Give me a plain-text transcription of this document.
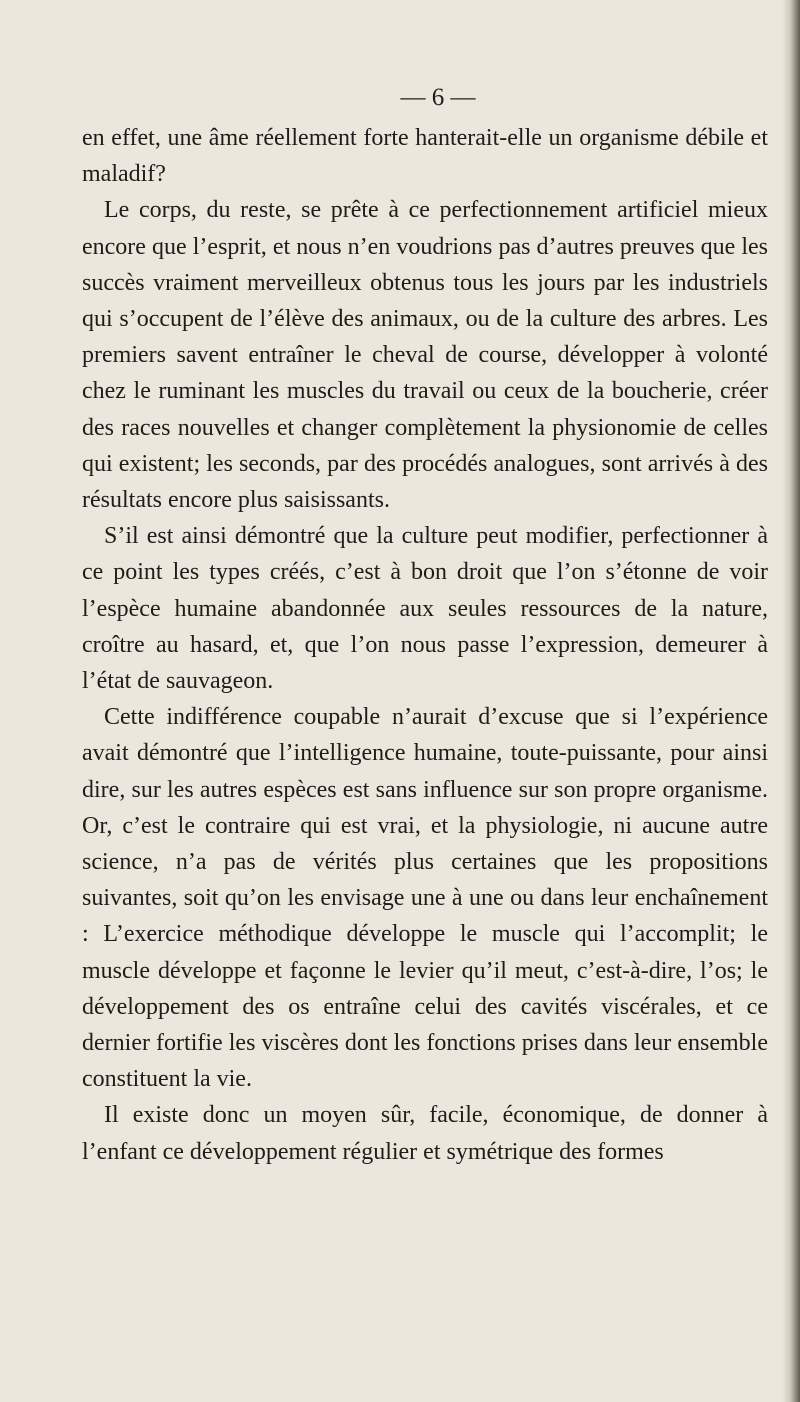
— 6 —

en effet, une âme réellement forte hanterait-elle un organisme débile et maladif?

Le corps, du reste, se prête à ce perfectionnement artificiel mieux encore que l’esprit, et nous n’en voudrions pas d’autres preuves que les succès vraiment merveilleux obtenus tous les jours par les industriels qui s’occupent de l’élève des animaux, ou de la culture des arbres. Les premiers savent entraîner le cheval de course, développer à volonté chez le ruminant les muscles du travail ou ceux de la boucherie, créer des races nouvelles et changer complètement la physionomie de celles qui existent; les seconds, par des procédés analogues, sont arrivés à des résultats encore plus saisissants.

S’il est ainsi démontré que la culture peut modifier, perfectionner à ce point les types créés, c’est à bon droit que l’on s’étonne de voir l’espèce humaine abandonnée aux seules ressources de la nature, croître au hasard, et, que l’on nous passe l’expression, demeurer à l’état de sauvageon.

Cette indifférence coupable n’aurait d’excuse que si l’expérience avait démontré que l’intelligence humaine, toute-puissante, pour ainsi dire, sur les autres espèces est sans influence sur son propre organisme. Or, c’est le contraire qui est vrai, et la physiologie, ni aucune autre science, n’a pas de vérités plus certaines que les propositions suivantes, soit qu’on les envisage une à une ou dans leur enchaînement : L’exercice méthodique développe le muscle qui l’accomplit; le muscle développe et façonne le levier qu’il meut, c’est-à-dire, l’os; le développement des os entraîne celui des cavités viscérales, et ce dernier fortifie les viscères dont les fonctions prises dans leur ensemble constituent la vie.

Il existe donc un moyen sûr, facile, économique, de donner à l’enfant ce développement régulier et symétrique des formes
